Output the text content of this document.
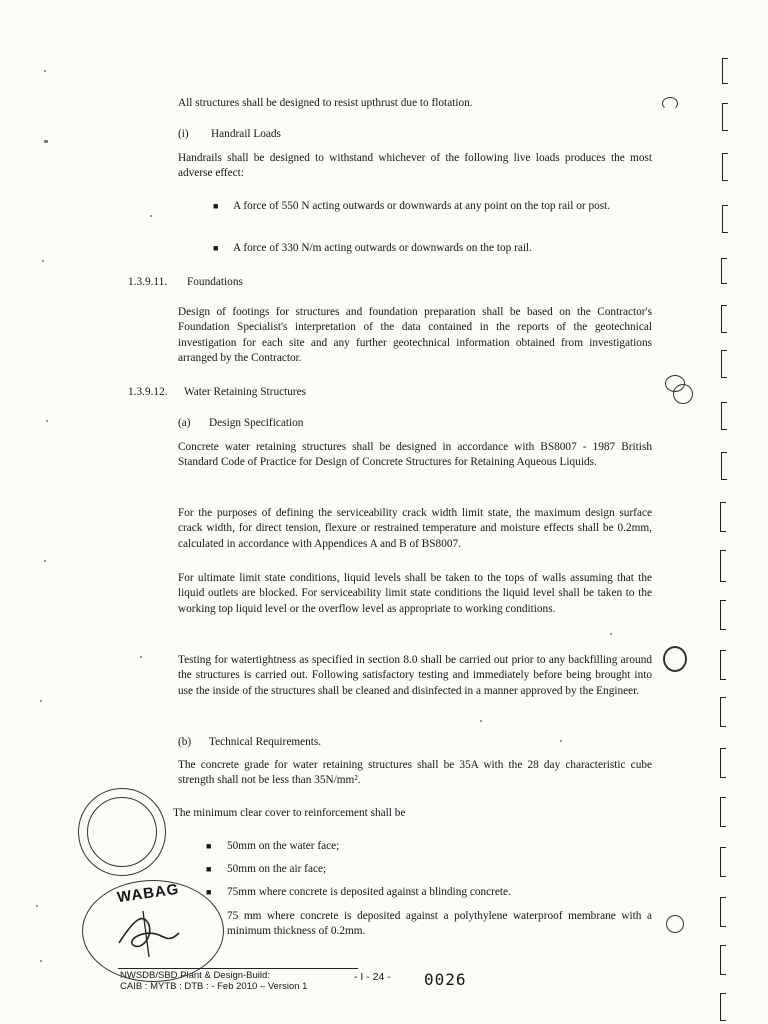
All structures shall be designed to resist upthrust due to flotation.
(i) Handrail Loads
Handrails shall be designed to withstand whichever of the following live loads produces the most adverse effect:
■ A force of 550 N acting outwards or downwards at any point on the top rail or post.
■ A force of 330 N/m acting outwards or downwards on the top rail.
1.3.9.11. Foundations
Design of footings for structures and foundation preparation shall be based on the Contractor's Foundation Specialist's interpretation of the data contained in the reports of the geotechnical investigation for each site and any further geotechnical information obtained from investigations arranged by the Contractor.
1.3.9.12. Water Retaining Structures
(a) Design Specification
Concrete water retaining structures shall be designed in accordance with BS8007 - 1987 British Standard Code of Practice for Design of Concrete Structures for Retaining Aqueous Liquids.
For the purposes of defining the serviceability crack width limit state, the maximum design surface crack width, for direct tension, flexure or restrained temperature and moisture effects shall be 0.2mm, calculated in accordance with Appendices A and B of BS8007.
For ultimate limit state conditions, liquid levels shall be taken to the tops of walls assuming that the liquid outlets are blocked. For serviceability limit state conditions the liquid level shall be taken to the working top liquid level or the overflow level as appropriate to working conditions.
Testing for watertightness as specified in section 8.0 shall be carried out prior to any backfilling around the structures is carried out. Following satisfactory testing and immediately before being brought into use the inside of the structures shall be cleaned and disinfected in a manner approved by the Engineer.
(b) Technical Requirements.
The concrete grade for water retaining structures shall be 35A with the 28 day characteristic cube strength shall not be less than 35N/mm².
The minimum clear cover to reinforcement shall be
■ 50mm on the water face;
■ 50mm on the air face;
■ 75mm where concrete is deposited against a blinding concrete.
75 mm where concrete is deposited against a polythylene waterproof membrane with a minimum thickness of 0.2mm.
WABAG
NWSDB/SBD Plant & Design-Build:
CAIB : MYTB : DTB : - Feb 2010 – Version 1
- I - 24 - 0026
